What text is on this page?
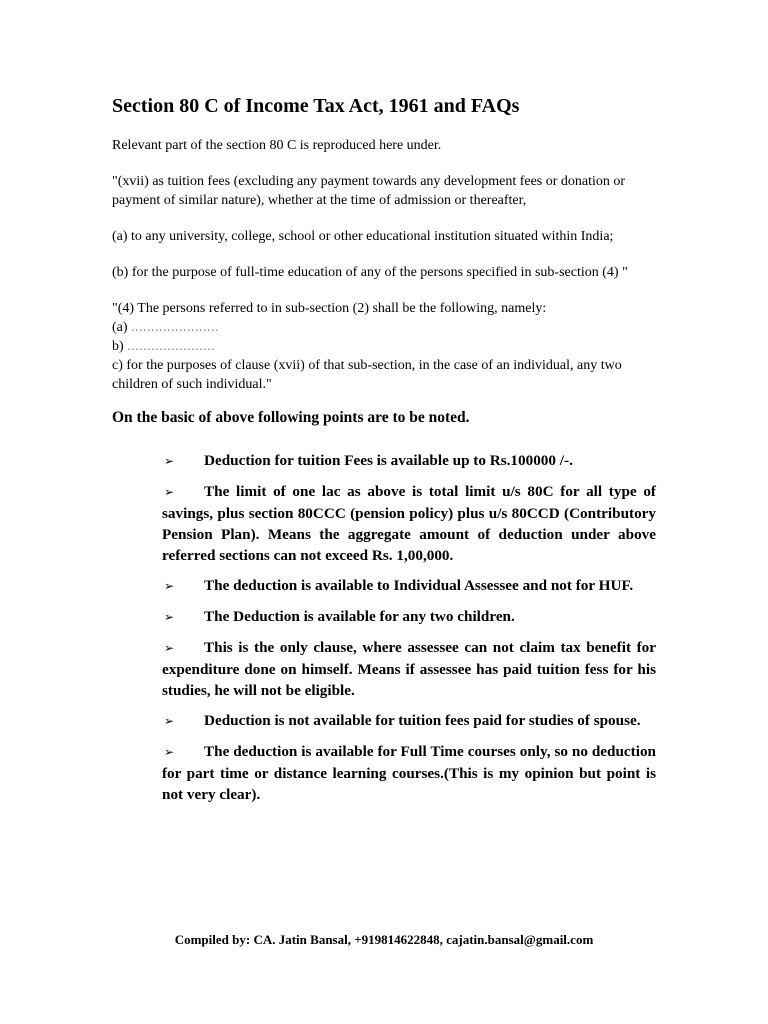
Section 80 C of Income Tax Act, 1961 and FAQs
Relevant part of the section 80 C is reproduced here under.
"(xvii) as tuition fees (excluding any payment towards any development fees or donation or payment of similar nature), whether at the time of admission or thereafter,
(a) to any university, college, school or other educational institution situated within India;
(b) for the purpose of full-time education of any of the persons specified in sub-section (4) "
"(4) The persons referred to in sub-section (2) shall be the following, namely:
(a) ......................
b) ......................
c) for the purposes of clause (xvii) of that sub-section, in the case of an individual, any two children of such individual."
On the basic of above following points are to be noted.
➢ Deduction for tuition Fees is available up to Rs.100000 /-.
➢ The limit of one lac as above is total limit u/s 80C for all type of savings, plus section 80CCC (pension policy) plus u/s 80CCD (Contributory Pension Plan). Means the aggregate amount of deduction under above referred sections can not exceed Rs. 1,00,000.
➢ The deduction is available to Individual Assessee and not for HUF.
➢ The Deduction is available for any two children.
➢ This is the only clause, where assessee can not claim tax benefit for expenditure done on himself. Means if assessee has paid tuition fess for his studies, he will not be eligible.
➢ Deduction is not available for tuition fees paid for studies of spouse.
➢ The deduction is available for Full Time courses only, so no deduction for part time or distance learning courses.(This is my opinion but point is not very clear).
Compiled by: CA. Jatin Bansal, +919814622848, cajatin.bansal@gmail.com
